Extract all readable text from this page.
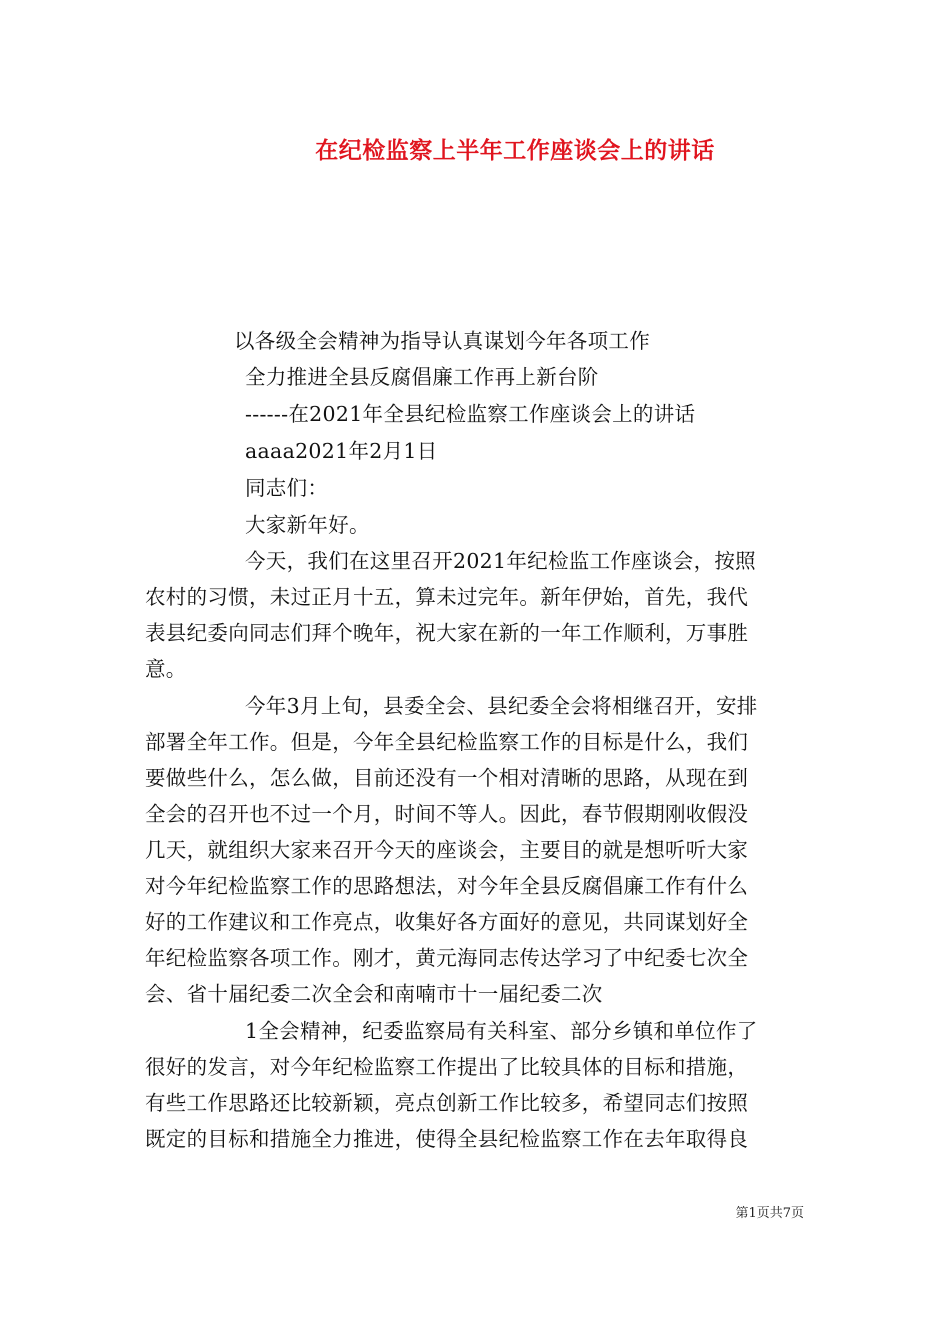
在纪检监察上半年工作座谈会上的讲话
以各级全会精神为指导认真谋划今年各项工作
全力推进全县反腐倡廉工作再上新台阶
------在2021年全县纪检监察工作座谈会上的讲话
aaaa2021年2月1日
同志们：
大家新年好。
今天，我们在这里召开2021年纪检监工作座谈会，按照
农村的习惯，未过正月十五，算未过完年。新年伊始，首先，我代
表县纪委向同志们拜个晚年，祝大家在新的一年工作顺利，万事胜
意。
今年3月上旬，县委全会、县纪委全会将相继召开，安排
部署全年工作。但是，今年全县纪检监察工作的目标是什么，我们
要做些什么，怎么做，目前还没有一个相对清晰的思路，从现在到
全会的召开也不过一个月，时间不等人。因此，春节假期刚收假没
几天，就组织大家来召开今天的座谈会，主要目的就是想听听大家
对今年纪检监察工作的思路想法，对今年全县反腐倡廉工作有什么
好的工作建议和工作亮点，收集好各方面好的意见，共同谋划好全
年纪检监察各项工作。刚才，黄元海同志传达学习了中纪委七次全
会、省十届纪委二次全会和南喃市十一届纪委二次
1全会精神，纪委监察局有关科室、部分乡镇和单位作了
很好的发言，对今年纪检监察工作提出了比较具体的目标和措施，
有些工作思路还比较新颖，亮点创新工作比较多，希望同志们按照
既定的目标和措施全力推进，使得全县纪检监察工作在去年取得良
第1页共7页
